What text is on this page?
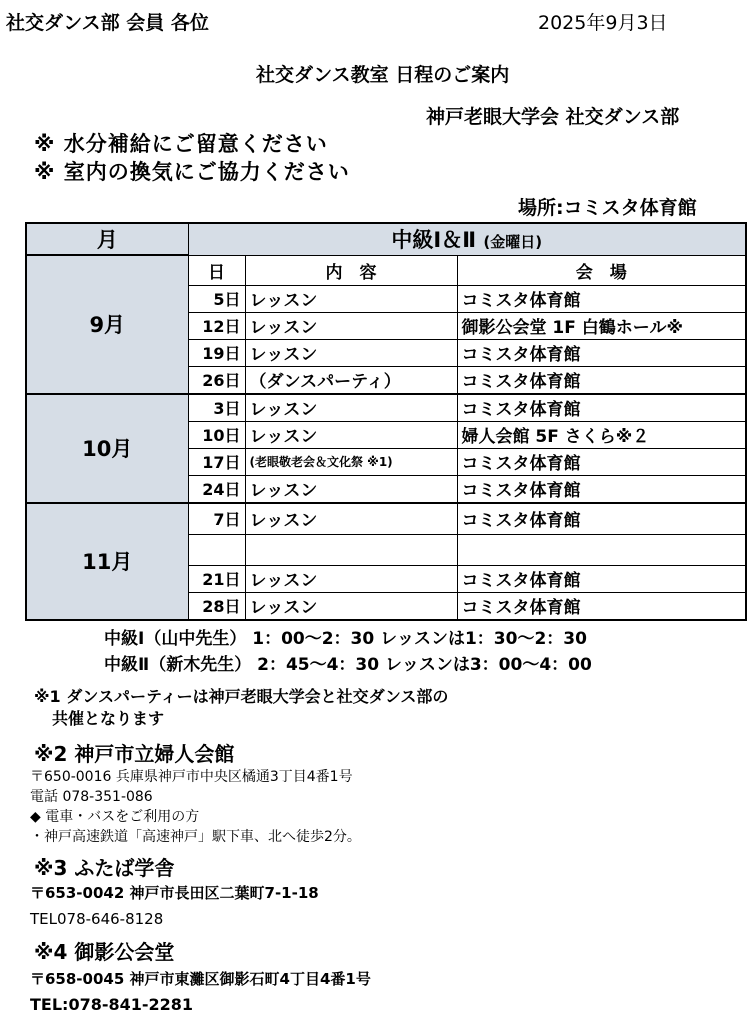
社交ダンス部 会員 各位	2025年9月3日
社交ダンス教室 日程のご案内
神戸老眼大学会 社交ダンス部
※ 水分補給にご留意ください
※ 室内の換気にご協力ください
場所:コミスタ体育館
月	中級Ⅰ＆Ⅱ (金曜日)		
9月	日	内　容	会　場
	5日	レッスン	コミスタ体育館
	12日	レッスン	御影公会堂 1F 白鶴ホール※
	19日	レッスン	コミスタ体育館
	26日	（ダンスパーティ）	コミスタ体育館
10月	3日	レッスン	コミスタ体育館
	10日	レッスン	婦人会館 5F さくら※２
	17日	(老眼敬老会＆文化祭 ※1)	コミスタ体育館
	24日	レッスン	コミスタ体育館
11月	7日	レッスン	コミスタ体育館

	21日	レッスン	コミスタ体育館
	28日	レッスン	コミスタ体育館
中級Ⅰ（山中先生） 1：00～2：30 レッスンは1：30～2：30
中級Ⅱ（新木先生） 2：45～4：30 レッスンは3：00～4：00
※1 ダンスパーティーは神戸老眼大学会と社交ダンス部の
共催となります
※2 神戸市立婦人会館
〒650-0016 兵庫県神戸市中央区橘通3丁目4番1号
電話 078-351-086
◆ 電車・バスをご利用の方
・神戸高速鉄道「高速神戸」駅下車、北へ徒歩2分。
※3 ふたば学舎
〒653-0042 神戸市長田区二葉町7-1-18
TEL078-646-8128
※4 御影公会堂
〒658-0045 神戸市東灘区御影石町4丁目4番1号
TEL:078-841-2281
